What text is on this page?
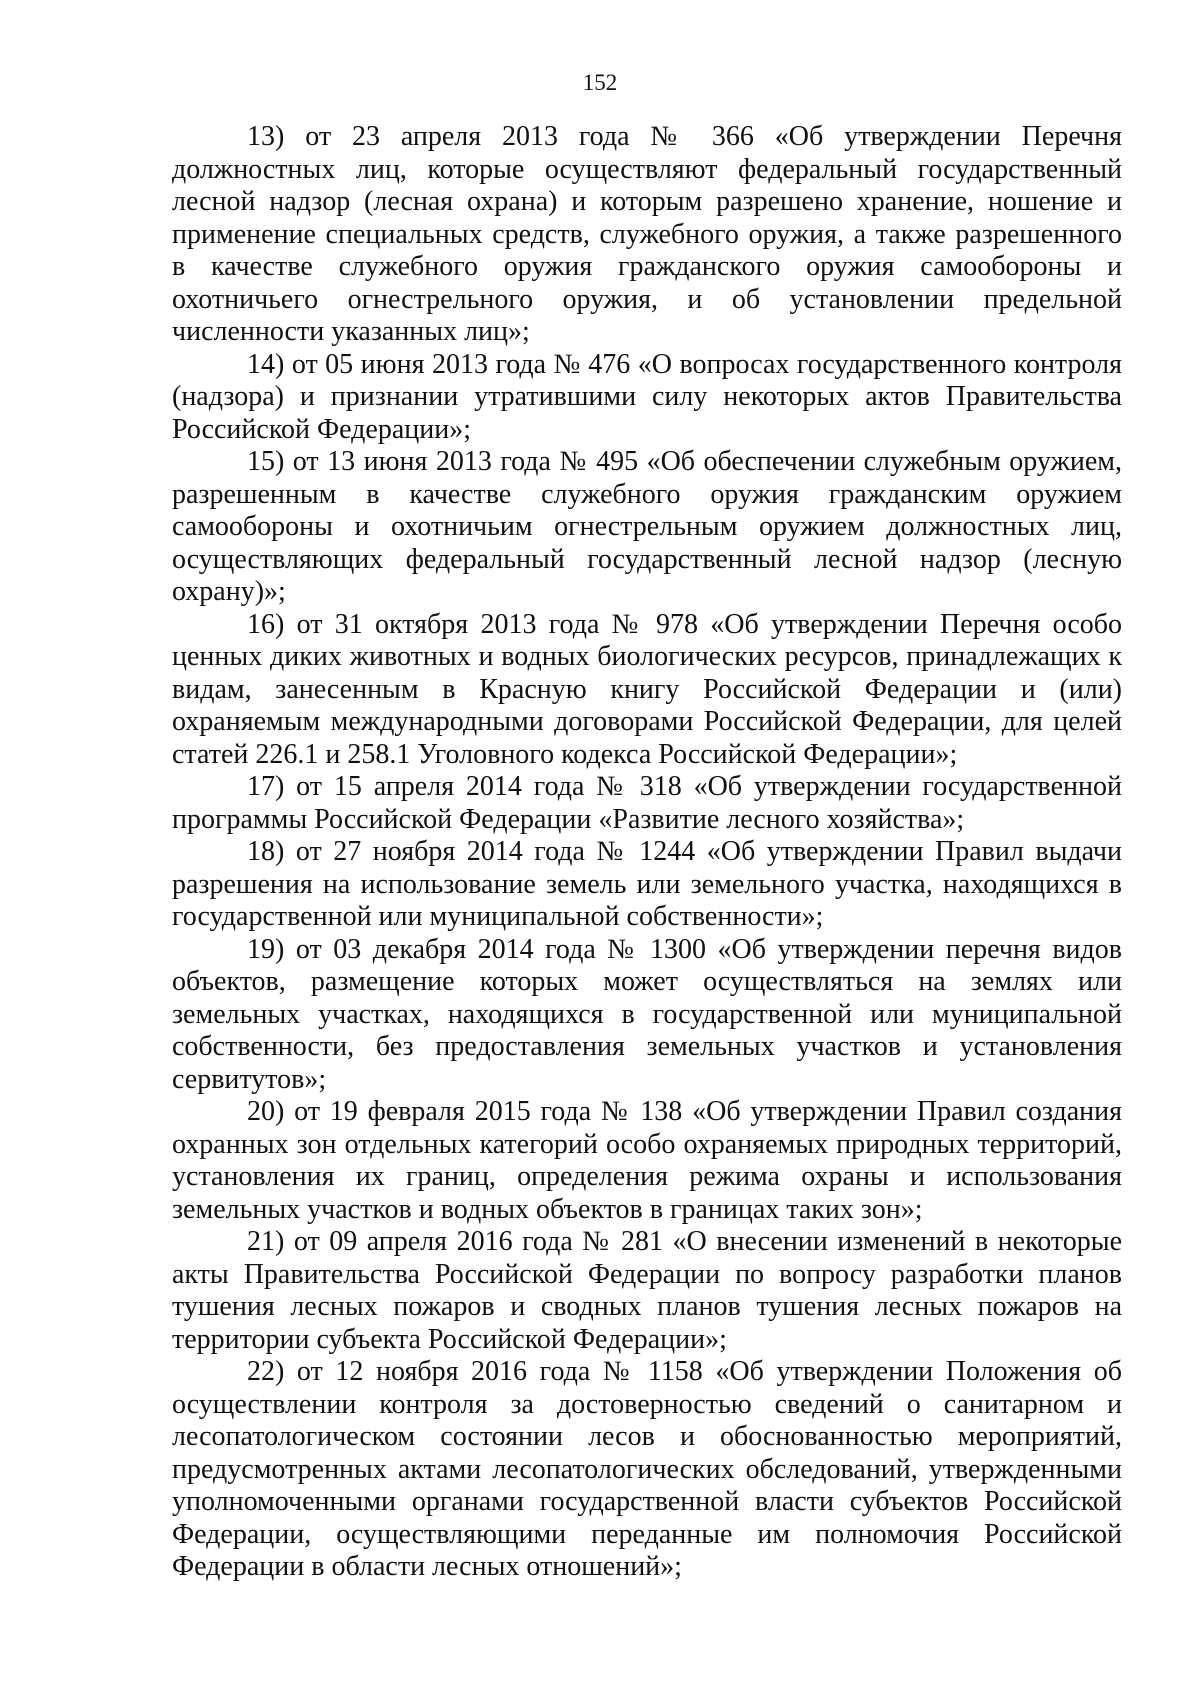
152

13) от 23 апреля 2013 года № 366 «Об утверждении Перечня должностных лиц, которые осуществляют федеральный государственный лесной надзор (лесная охрана) и которым разрешено хранение, ношение и применение специальных средств, служебного оружия, а также разрешенного в качестве служебного оружия гражданского оружия самообороны и охотничьего огнестрельного оружия, и об установлении предельной численности указанных лиц»;

14) от 05 июня 2013 года № 476 «О вопросах государственного контроля (надзора) и признании утратившими силу некоторых актов Правительства Российской Федерации»;

15) от 13 июня 2013 года № 495 «Об обеспечении служебным оружием, разрешенным в качестве служебного оружия гражданским оружием самообороны и охотничьим огнестрельным оружием должностных лиц, осуществляющих федеральный государственный лесной надзор (лесную охрану)»;

16) от 31 октября 2013 года № 978 «Об утверждении Перечня особо ценных диких животных и водных биологических ресурсов, принадлежащих к видам, занесенным в Красную книгу Российской Федерации и (или) охраняемым международными договорами Российской Федерации, для целей статей 226.1 и 258.1 Уголовного кодекса Российской Федерации»;

17) от 15 апреля 2014 года № 318 «Об утверждении государственной программы Российской Федерации «Развитие лесного хозяйства»;

18) от 27 ноября 2014 года № 1244 «Об утверждении Правил выдачи разрешения на использование земель или земельного участка, находящихся в государственной или муниципальной собственности»;

19) от 03 декабря 2014 года № 1300 «Об утверждении перечня видов объектов, размещение которых может осуществляться на землях или земельных участках, находящихся в государственной или муниципальной собственности, без предоставления земельных участков и установления сервитутов»;

20) от 19 февраля 2015 года № 138 «Об утверждении Правил создания охранных зон отдельных категорий особо охраняемых природных территорий, установления их границ, определения режима охраны и использования земельных участков и водных объектов в границах таких зон»;

21) от 09 апреля 2016 года № 281 «О внесении изменений в некоторые акты Правительства Российской Федерации по вопросу разработки планов тушения лесных пожаров и сводных планов тушения лесных пожаров на территории субъекта Российской Федерации»;

22) от 12 ноября 2016 года № 1158 «Об утверждении Положения об осуществлении контроля за достоверностью сведений о санитарном и лесопатологическом состоянии лесов и обоснованностью мероприятий, предусмотренных актами лесопатологических обследований, утвержденными уполномоченными органами государственной власти субъектов Российской Федерации, осуществляющими переданные им полномочия Российской Федерации в области лесных отношений»;
